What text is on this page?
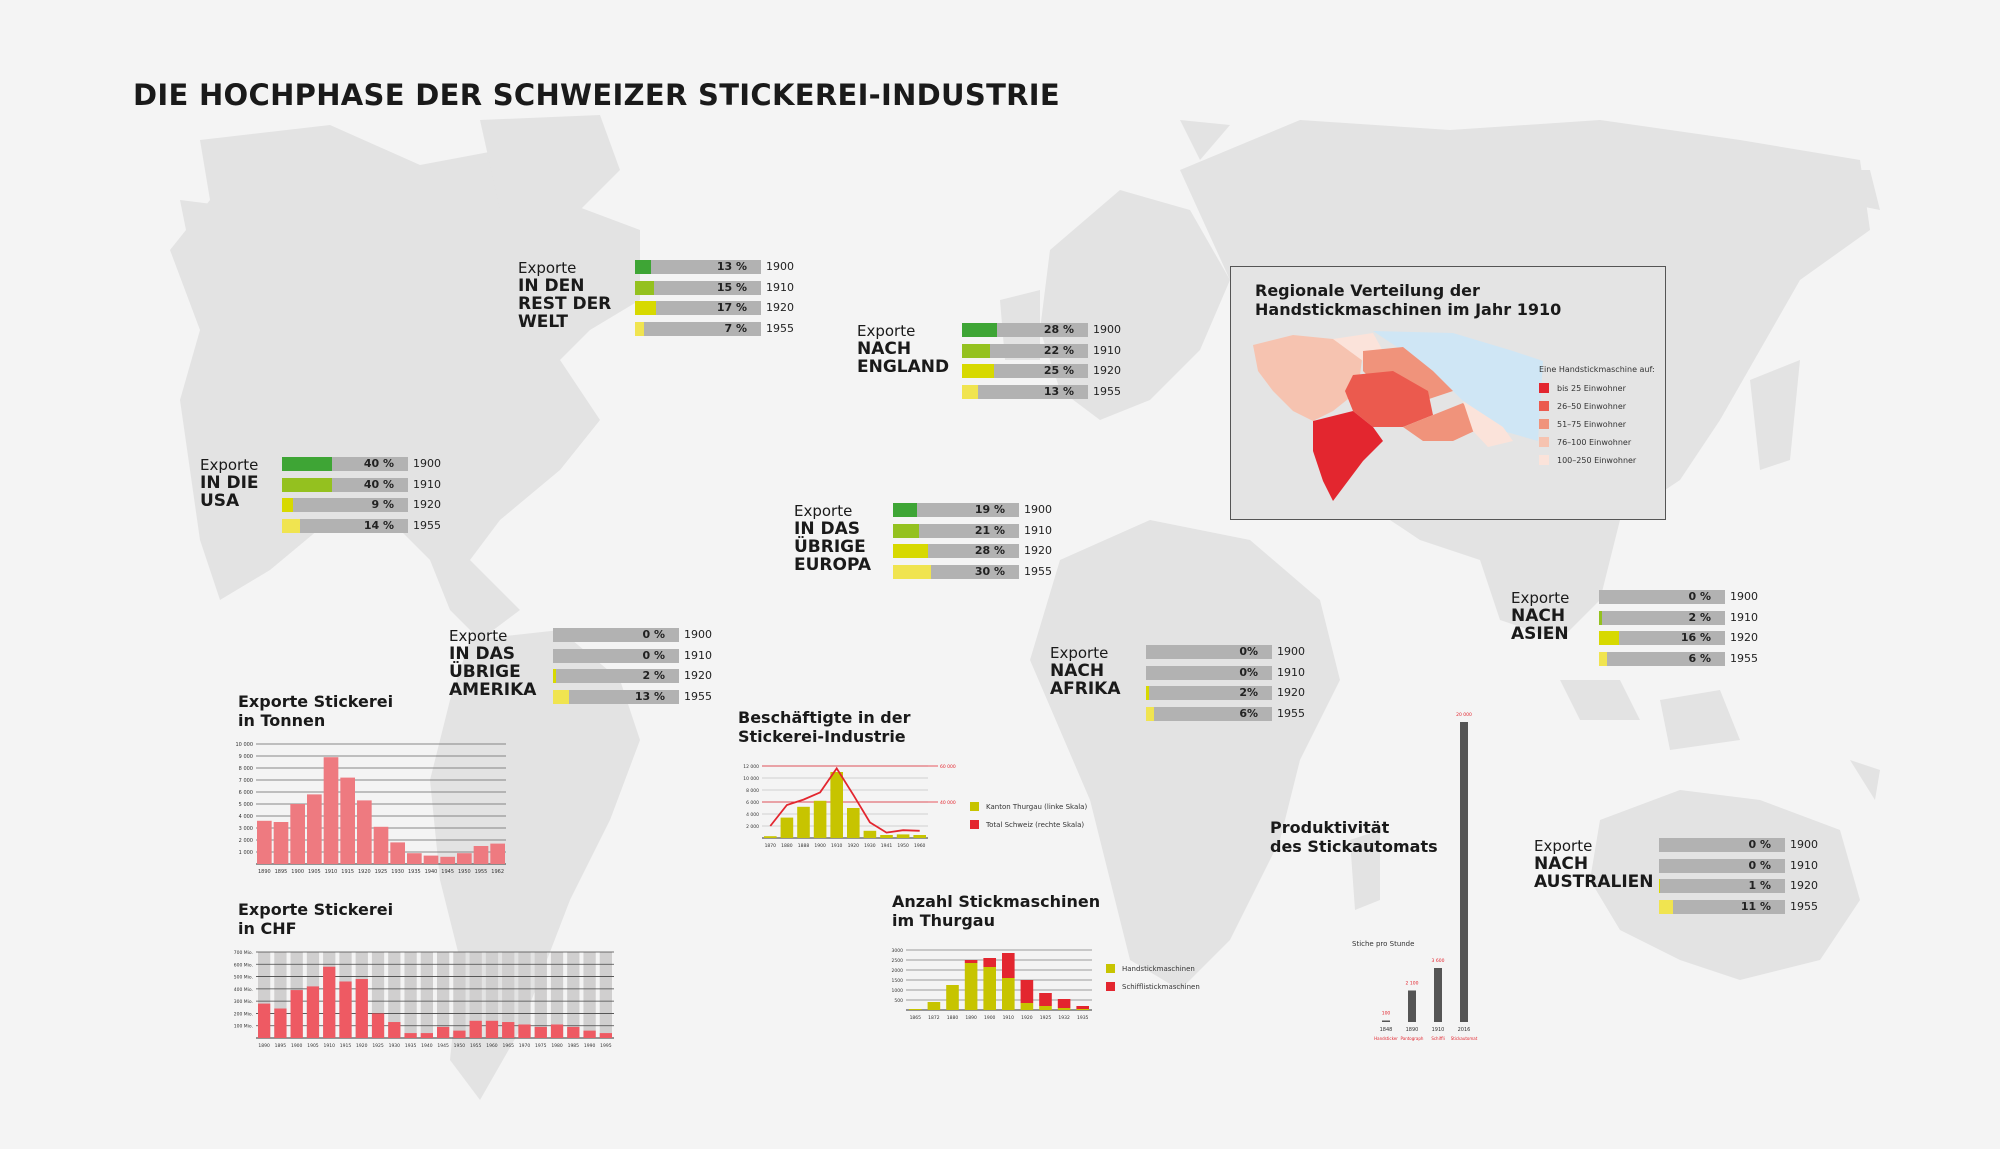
DIE HOCHPHASE DER SCHWEIZER STICKEREI-INDUSTRIE
Exporte
IN DIE
USA
40 % 1900
40 % 1910
9 % 1920
14 % 1955
Exporte
IN DEN
REST DER
WELT
13 % 1900
15 % 1910
17 % 1920
7 % 1955	Exporte
NACH
ENGLAND
28 % 1900
22 % 1910
25 % 1920
13 % 1955
Exporte
IN DAS
ÜBRIGE
EUROPA
19 % 1900
21 % 1910
28 % 1920
30 % 1955
Exporte
IN DAS
ÜBRIGE
AMERIKA
0 % 1900
0 % 1910
2 % 1920
13 % 1955
Exporte
NACH
AFRIKA
0% 1900
0% 1910
2% 1920
6% 1955
Exporte
NACH
ASIEN
0 % 1900
2 % 1910
16 % 1920
6 % 1955
Exporte
NACH
AUSTRALIEN
0 % 1900
0 % 1910
1 % 1920
11 % 1955
Regionale Verteilung der
Handstickmaschinen im Jahr 1910
Eine Handstickmaschine auf:
bis 25 Einwohner
26–50 Einwohner
51–75 Einwohner
76–100 Einwohner
100–250 Einwohner
Exporte Stickerei
in Tonnen
10 000
9 000
8 000
7 000
6 000
5 000
4 000
3 000
2 000
1 000
1890 1895 1900 1905 1910 1915 1920 1925 1930 1935 1940 1945 1950 1955 1962
Exporte Stickerei
in CHF
700 Mio.
600 Mio.
500 Mio.
400 Mio.
300 Mio.
200 Mio.
100 Mio.
1890 1895 1900 1905 1910 1915 1920 1925 1930 1935 1940 1945 1950 1955 1960 1965 1970 1975 1980 1985 1990 1995
Beschäftigte in der
Stickerei-Industrie
12 000
10 000
8 000
6 000
4 000
2 000
60 000
40 000
1870 1880 1888 1900 1910 1920 1930 1941 1950 1960
Kanton Thurgau (linke Skala)
Total Schweiz (rechte Skala)
Anzahl Stickmaschinen
im Thurgau
3000
2500
2000
1500
1000
500
1865 1872 1880 1890 1900 1910 1920 1925 1932 1935
Handstickmaschinen
Schifflistickmaschinen
Produktivität
des Stickautomats
Stiche pro Stunde
100
1848
Handsticker
2 100
1890
Pantograph
3 600
1910
Schiffli
20 000
2016
Stickautomat
